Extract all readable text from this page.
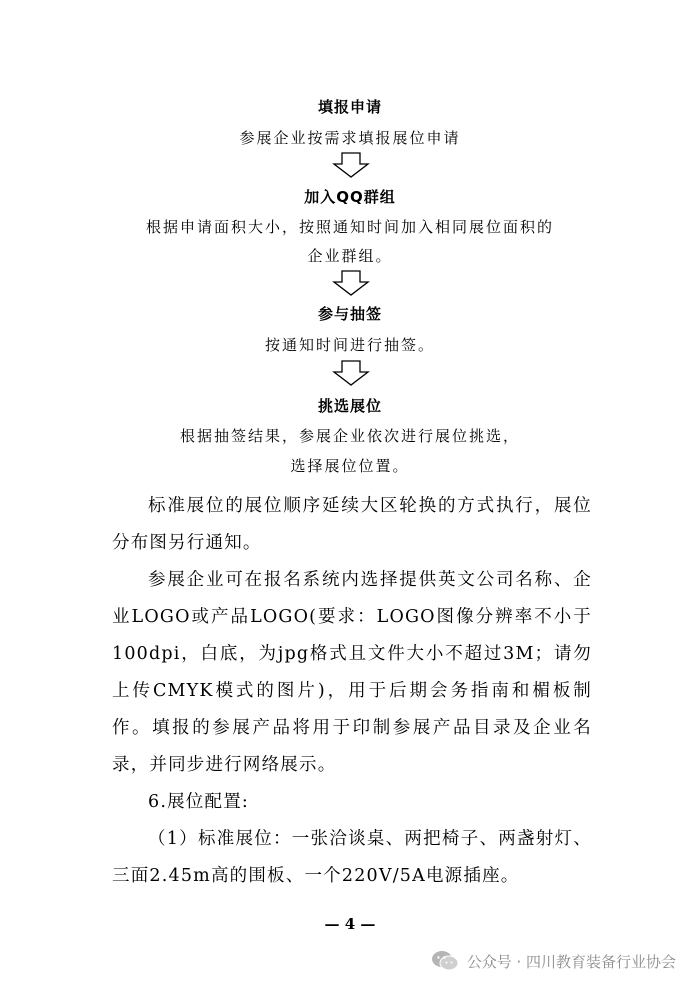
填报申请
参展企业按需求填报展位申请
加入QQ群组
根据申请面积大小，按照通知时间加入相同展位面积的
企业群组。
参与抽签
按通知时间进行抽签。
挑选展位
根据抽签结果，参展企业依次进行展位挑选，
选择展位位置。

标准展位的展位顺序延续大区轮换的方式执行，展位分布图另行通知。

参展企业可在报名系统内选择提供英文公司名称、企业LOGO或产品LOGO(要求：LOGO图像分辨率不小于100dpi，白底，为jpg格式且文件大小不超过3M；请勿上传CMYK模式的图片)，用于后期会务指南和楣板制作。填报的参展产品将用于印制参展产品目录及企业名录，并同步进行网络展示。

6.展位配置:

（1）标准展位：一张洽谈桌、两把椅子、两盏射灯、三面2.45m高的围板、一个220V/5A电源插座。

— 4 —
公众号 · 四川教育装备行业协会
